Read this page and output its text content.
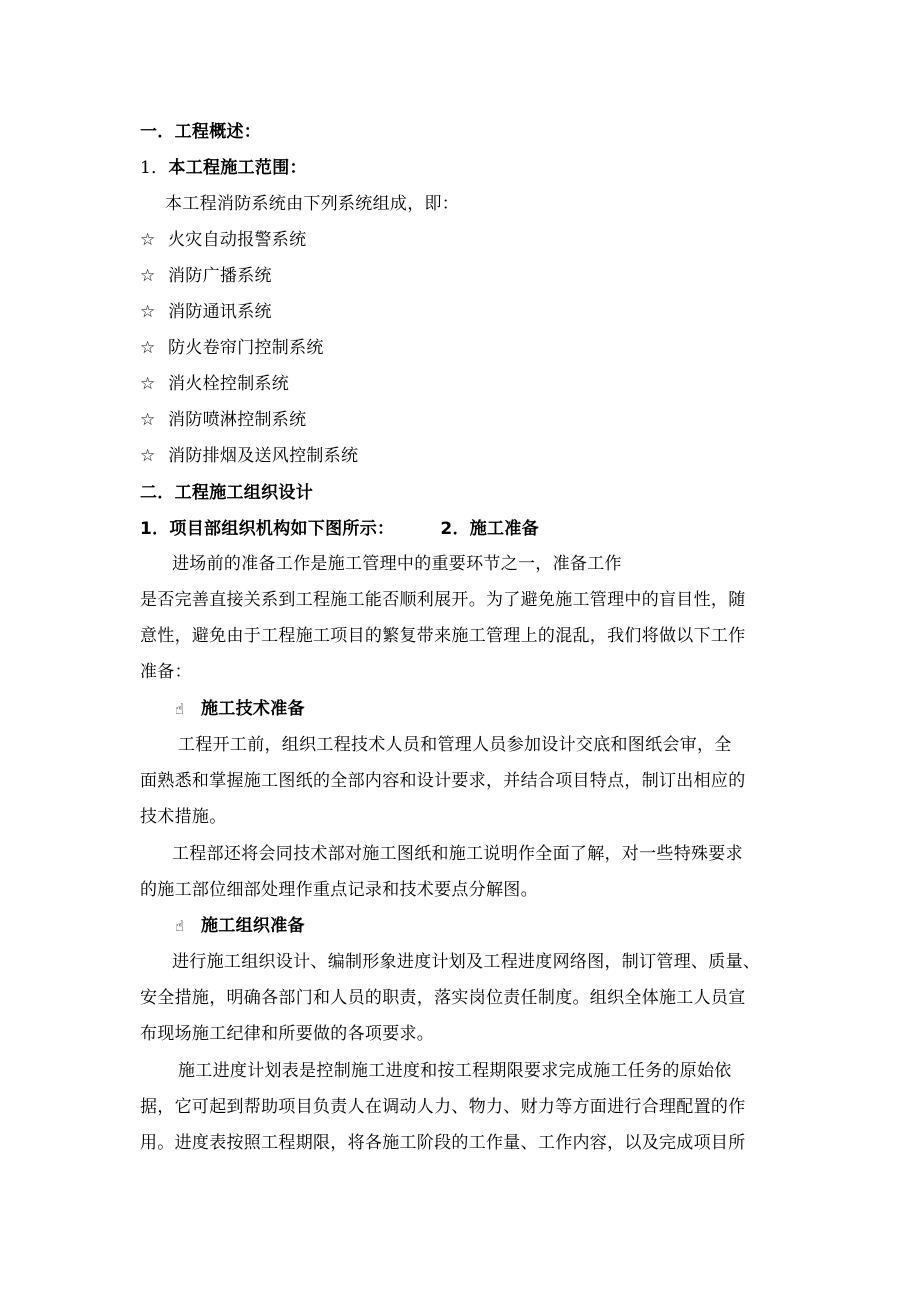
一．工程概述：
1．本工程施工范围：
本工程消防系统由下列系统组成，即：
☆ 火灾自动报警系统
☆ 消防广播系统
☆ 消防通讯系统
☆ 防火卷帘门控制系统
☆ 消火栓控制系统
☆ 消防喷淋控制系统
☆ 消防排烟及送风控制系统
二．工程施工组织设计
1．项目部组织机构如下图所示：	2．施工准备
进场前的准备工作是施工管理中的重要环节之一，准备工作
是否完善直接关系到工程施工能否顺利展开。为了避免施工管理中的盲目性，随
意性，避免由于工程施工项目的繁复带来施工管理上的混乱，我们将做以下工作
准备：
☝ 施工技术准备
工程开工前，组织工程技术人员和管理人员参加设计交底和图纸会审，全
面熟悉和掌握施工图纸的全部内容和设计要求，并结合项目特点，制订出相应的
技术措施。
工程部还将会同技术部对施工图纸和施工说明作全面了解，对一些特殊要求
的施工部位细部处理作重点记录和技术要点分解图。
☝ 施工组织准备
进行施工组织设计、编制形象进度计划及工程进度网络图，制订管理、质量、
安全措施，明确各部门和人员的职责，落实岗位责任制度。组织全体施工人员宣
布现场施工纪律和所要做的各项要求。
施工进度计划表是控制施工进度和按工程期限要求完成施工任务的原始依
据，它可起到帮助项目负责人在调动人力、物力、财力等方面进行合理配置的作
用。进度表按照工程期限，将各施工阶段的工作量、工作内容，以及完成项目所
